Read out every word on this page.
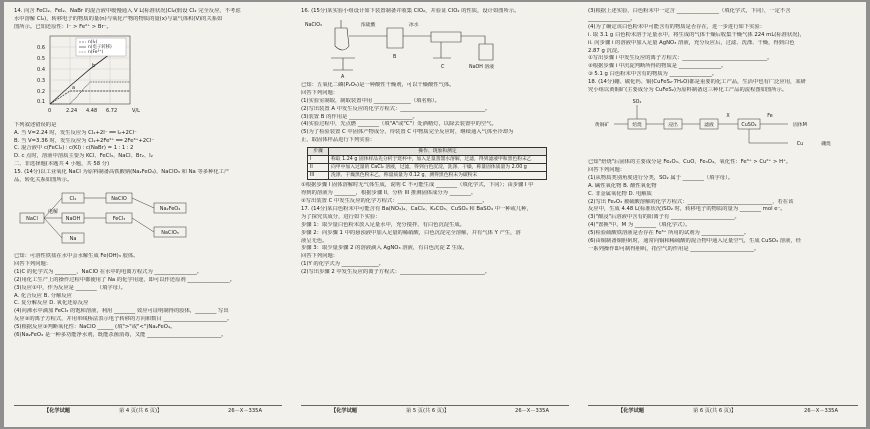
14. 向含 FeCl₂、FeI₂、NaBr 的混合液中缓慢通入 V L(标准状况)Cl₂(假设 Cl₂ 完全反应，不考虑
水中溶解 Cl₂)，转移电子的物质的量(n)与氧化产物的物质的量(x)与氯气体积(V)的关系如
图所示。已知还原性：I⁻ > Fe²⁺ > Br⁻。
0.6
0.5
0.4
0.3
0.2
0.1
0	2.24 4.48 6.72	V/L
a
b
n(I₂)
n(电子转移)
n(Fe³⁺)
下列叙述错误的是
A. 当 V=2.24 时，发生反应为 Cl₂+2I⁻ ══ I₂+2Cl⁻
B. 当 V=3.36 时，发生反应为 Cl₂+2Fe²⁺ ══ 2Fe³⁺+2Cl⁻
C. 混合液中 c(FeCl₂) ∶ c(KI) ∶ c(NaBr) = 1 ∶ 1 ∶ 2
D. c 点时，溶液中溶质主要为 KCl、FeCl₃、NaCl、Br₂、I₂
二、非选择题(本题共 4 小题，共 58 分)
15. (14分)以工业氧化 NaCl 为原料制备高铁酸钠(Na₂FeO₄)、NaClO₃ 和 Na 等多种化工产
品，转化关系如图所示。
NaCl
电解
Cl₂
NaOH
Na
NaClO
FeCl₃
Na₂FeO₄
NaClO₃
已知：可溶性铁盐在水中会水解生成 Fe(OH)₃ 胶体。
回答下列问题：
(1)C 的化学式为 ________，NaClO 在水中的电离方程式为 ________________。
(2)用化工生产上的操作过程中都使用了 Na 的化学用途，即可以作还原剂 ________________。
(3)反应①中，作为反应是 ________（填字母）。
A. 化合反应 B. 分解反应
C. 复分解反应 D. 氧化还原反应
(4)向沸水中滴加 FeCl₃ 的饱和溶液，利用 ________ 效应可证明制得的胶体，________ 写出
反应②的离子方程式，并用单线桥法表示电子转移的方向和数目 ________________________。
(5)根据反应③判断氧化性：NaClO ______ (填">"或"<")Na₂FeO₄。
(6)Na₂FeO₄ 是一种多功能净水剂，既能杀菌消毒，又能 ____________________________。
【化学试题	第 4 页(共 6 页)】	26－X－335A
16. (15分)某实验小组设计如下装置制备并收集 ClO₂，并验证 ClO₂ 的性质，设计如图所示。
NaClO₃	浓硫酸	冰水
NaOH 溶液
A
B
C
已知：五氧化二磷(P₂O₅)是一种酸性干燥剂，可以干燥酸性气体。
回答下列问题：
(1)实验室制取，制取装置中用 ______________（填名称）。
(2)写出装置 A 中发生反应的化学方程式：________________________________。
(3)装置 B 的作用是 ________________________。
(4)实验过程中，先点燃 ________（填"A"或"C"）处酒精灯，以除去装置中的空气。
(5)为了检验装置 C 中固体产物成分，待装置 C 中物质完全反应时，继续通入气体至冷却为
止，取固体样品进行下列实验：
步骤	操作、现象和测定
I	称取 1.24 g 固体样品先分析于烧杯中，加入足量蒸馏水溶解，过滤，得到滤液甲和黑色粉末乙
II	向甲中加入过量的 CaCl₂ 溶液，过滤，得到白色沉淀，洗涤、干燥，称量固体质量为 2.00 g
III	洗涤、干燥黑色粉末乙，称量质量为 0.12 g，测得黑色粉末为碳粉末
①根据步骤 I 固体溶解时无气体生成，说明 C 不可能生成 ________（填化学式，下同）；由步骤 I 中
得到的溶液为 ________，根据步骤 II，分析 III 推测固体成分为 ________。
②写出装置 C 中发生反应的化学方程式：________________________________。
17. (14分)某白色粉末中可能含有 Ba(NO₃)₂、CaCl₂、K₂CO₃、CuSO₄ 和 BaSO₄ 中一种或几种，
为了探究其成分，进行如下实验：
步骤 1：取少量白色粉末放入足量水中，充分搅拌，有白色沉淀生成。
步骤 2：向步骤 1 中的悬浊液中加入足量的稀硝酸，白色沉淀完全溶解，并有气体 Y 产生，溶
液呈无色。
步骤 3：取少量步骤 2 的溶液滴入 AgNO₃ 溶液，有白色沉淀 Z 生成。
回答下列问题：
(1)Y 的化学式为 ______________。
(2)写出步骤 2 中发生反应的离子方程式：________________________________。
【化学试题	第 5 页(共 6 页)】	26－X－335A
(3)根据上述实验，白色粉末中一定含 ________________（填化学式，下同），一定不含
________________。
(4)为了确定该白色粉末中可能含有的物质是否存在，进一步进行如下实验：
i. 取 3.1 g 白色粉末溶于足量水中，将生成的气体干燥后收集干燥气体 224 mL(标准状况)，
ii. 向步骤 i 的溶液中加入足量 AgNO₃ 溶液，充分反应后，过滤、洗涤、干燥，得到白色
2.87 g 沉淀。
①写出步骤 i 中发生反应的离子方程式：________________________________。
②根据步骤 i 中沉淀判断所得的物质是 ________________。
③ 5.1 g 白色粉末中含有的物质为 ________________。
18. (14分)硼、碳化钙、铜(CuFeS₂·7H₂O)都是重要的化工产品，生活中也有广泛应用，某研
究小组以黄铜矿(主要成分为 CuFeS₂)为原料制备这三种化工产品的流程图如图所示。
黄铜矿	焙烧
SO₂
浸出	滤液
X
CuSO₄
Fe
固体M
Cu	硼烧
已知"焙烧"后固体的主要成分是 Fe₂O₃、CuO、Fe₃O₄，氧化性：Fe³⁺ > Cu²⁺ > H⁺。
回答下列问题：
(1)从物质类别角度进行分类，SO₂ 属于 ________（填字母）。
A. 碱性氧化物 B. 酸性氧化物
C. 非金属氧化物 D. 电解质
(2)写出 Fe₂O₃ 被硫酸溶解的化学方程式：________________________________，若在该
反应中，生成 4.48 L(标准状况)SO₂ 时，转移电子的物质的量为 ________ mol e⁻。
(3)"酸浸"后溶液中含有的阳离子有 ________________________。
(4)"置换"中，M 为 ________（填化学式）。
(5)检验硫酸铁溶液是否存在 Fe³⁺ 所用的试剂为 ________________。
(6)由铜制备铜胆矾时，通常向铜和稀硫酸的混合物中通入足量空气，生成 CuSO₄ 溶液，经
一系列操作即可制得胆矾，指空气的作用是 ________________________。
【化学试题	第 6 页(共 6 页)】	26－X－335A
